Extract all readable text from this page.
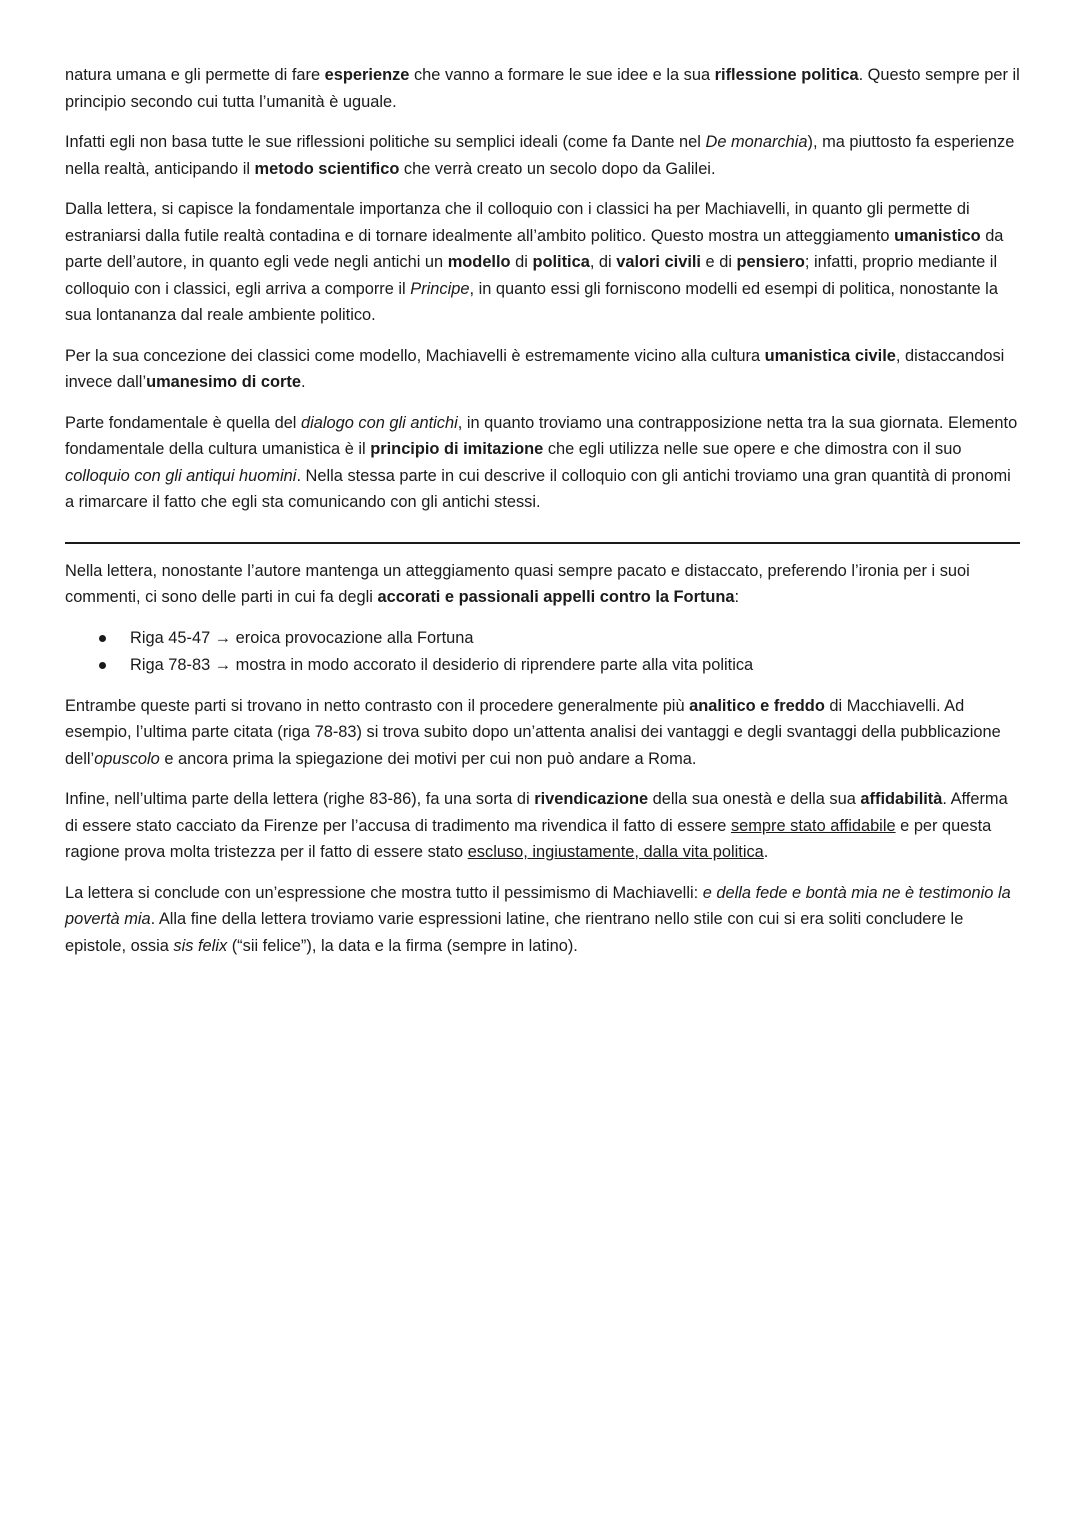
natura umana e gli permette di fare esperienze che vanno a formare le sue idee e la sua riflessione politica. Questo sempre per il principio secondo cui tutta l’umanità è uguale.

Infatti egli non basa tutte le sue riflessioni politiche su semplici ideali (come fa Dante nel De monarchia), ma piuttosto fa esperienze nella realtà, anticipando il metodo scientifico che verrà creato un secolo dopo da Galilei.

Dalla lettera, si capisce la fondamentale importanza che il colloquio con i classici ha per Machiavelli, in quanto gli permette di estraniarsi dalla futile realtà contadina e di tornare idealmente all’ambito politico. Questo mostra un atteggiamento umanistico da parte dell’autore, in quanto egli vede negli antichi un modello di politica, di valori civili e di pensiero; infatti, proprio mediante il colloquio con i classici, egli arriva a comporre il Principe, in quanto essi gli forniscono modelli ed esempi di politica, nonostante la sua lontananza dal reale ambiente politico.

Per la sua concezione dei classici come modello, Machiavelli è estremamente vicino alla cultura umanistica civile, distaccandosi invece dall’umanesimo di corte.

Parte fondamentale è quella del dialogo con gli antichi, in quanto troviamo una contrapposizione netta tra la sua giornata. Elemento fondamentale della cultura umanistica è il principio di imitazione che egli utilizza nelle sue opere e che dimostra con il suo colloquio con gli antiqui huomini. Nella stessa parte in cui descrive il colloquio con gli antichi troviamo una gran quantità di pronomi a rimarcare il fatto che egli sta comunicando con gli antichi stessi.

Nella lettera, nonostante l’autore mantenga un atteggiamento quasi sempre pacato e distaccato, preferendo l’ironia per i suoi commenti, ci sono delle parti in cui fa degli accorati e passionali appelli contro la Fortuna:

Riga 45-47 → eroica provocazione alla Fortuna
Riga 78-83 → mostra in modo accorato il desiderio di riprendere parte alla vita politica

Entrambe queste parti si trovano in netto contrasto con il procedere generalmente più analitico e freddo di Macchiavelli. Ad esempio, l’ultima parte citata (riga 78-83) si trova subito dopo un’attenta analisi dei vantaggi e degli svantaggi della pubblicazione dell’opuscolo e ancora prima la spiegazione dei motivi per cui non può andare a Roma.

Infine, nell’ultima parte della lettera (righe 83-86), fa una sorta di rivendicazione della sua onestà e della sua affidabilità. Afferma di essere stato cacciato da Firenze per l’accusa di tradimento ma rivendica il fatto di essere sempre stato affidabile e per questa ragione prova molta tristezza per il fatto di essere stato escluso, ingiustamente, dalla vita politica.

La lettera si conclude con un’espressione che mostra tutto il pessimismo di Machiavelli: e della fede e bontà mia ne è testimonio la povertà mia. Alla fine della lettera troviamo varie espressioni latine, che rientrano nello stile con cui si era soliti concludere le epistole, ossia sis felix (“sii felice”), la data e la firma (sempre in latino).
